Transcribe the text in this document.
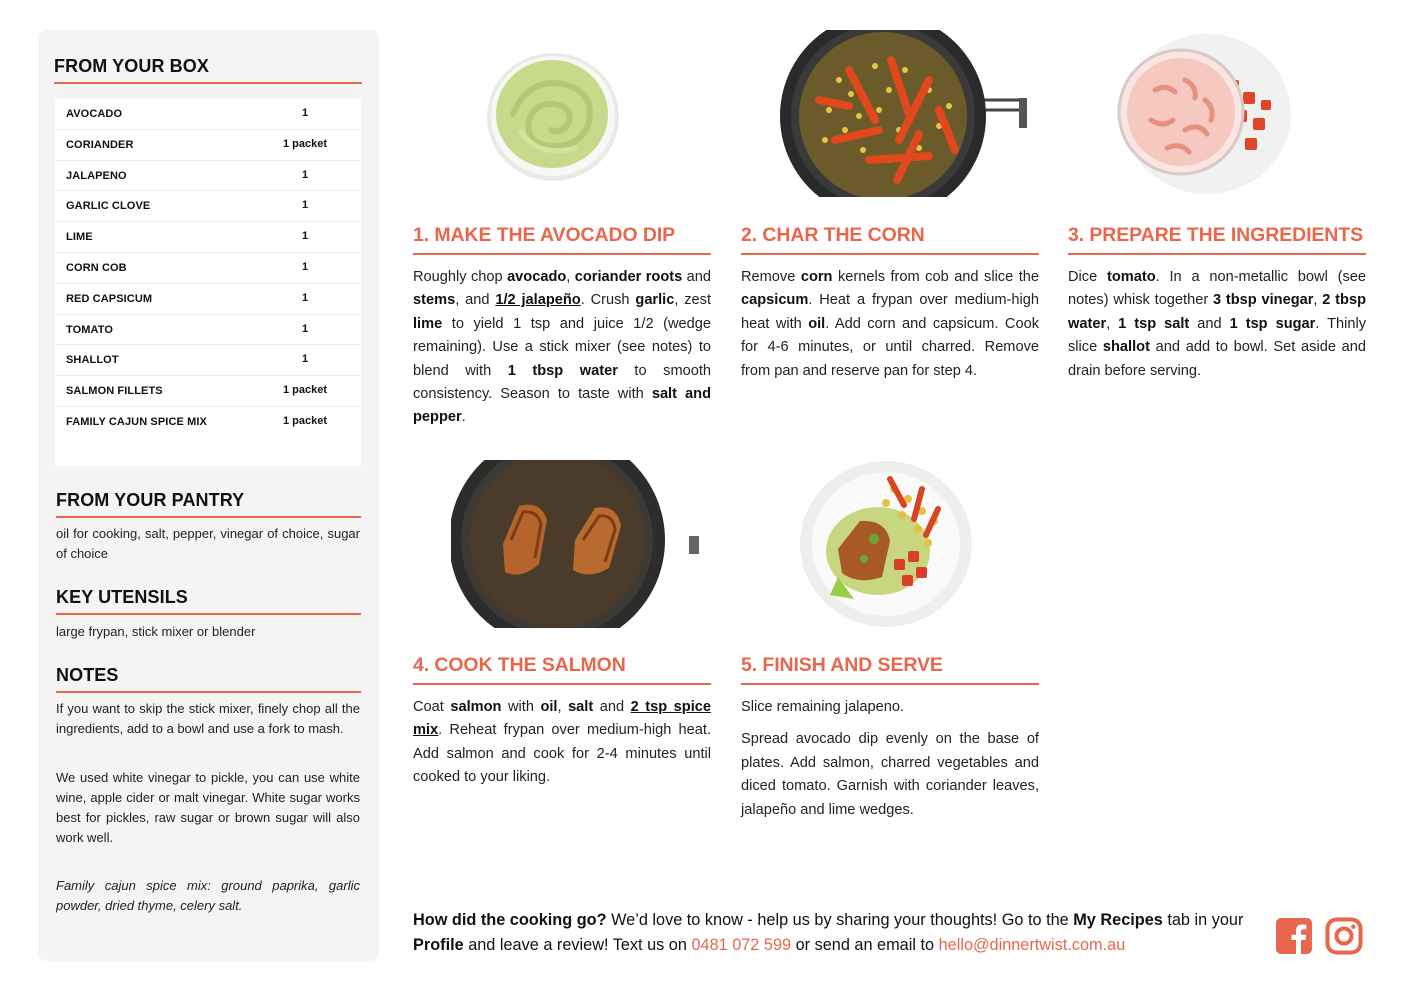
FROM YOUR BOX
AVOCADO	1
CORIANDER	1 packet
JALAPENO	1
GARLIC CLOVE	1
LIME	1
CORN COB	1
RED CAPSICUM	1
TOMATO	1
SHALLOT	1
SALMON FILLETS	1 packet
FAMILY CAJUN SPICE MIX	1 packet
FROM YOUR PANTRY
oil for cooking, salt, pepper, vinegar of choice, sugar of choice
KEY UTENSILS
large frypan, stick mixer or blender
NOTES
If you want to skip the stick mixer, finely chop all the ingredients, add to a bowl and use a fork to mash.
We used white vinegar to pickle, you can use white wine, apple cider or malt vinegar. White sugar works best for pickles, raw sugar or brown sugar will also work well.
Family cajun spice mix: ground paprika, garlic powder, dried thyme, celery salt.
1. MAKE THE AVOCADO DIP
Roughly chop avocado, coriander roots and stems, and 1/2 jalapeño. Crush garlic, zest lime to yield 1 tsp and juice 1/2 (wedge remaining). Use a stick mixer (see notes) to blend with 1 tbsp water to smooth consistency. Season to taste with salt and pepper.
2. CHAR THE CORN
Remove corn kernels from cob and slice the capsicum. Heat a frypan over medium-high heat with oil. Add corn and capsicum. Cook for 4-6 minutes, or until charred. Remove from pan and reserve pan for step 4.
3. PREPARE THE INGREDIENTS
Dice tomato. In a non-metallic bowl (see notes) whisk together 3 tbsp vinegar, 2 tbsp water, 1 tsp salt and 1 tsp sugar. Thinly slice shallot and add to bowl. Set aside and drain before serving.
4. COOK THE SALMON
Coat salmon with oil, salt and 2 tsp spice mix. Reheat frypan over medium-high heat. Add salmon and cook for 2-4 minutes until cooked to your liking.
5. FINISH AND SERVE
Slice remaining jalapeno.
Spread avocado dip evenly on the base of plates. Add salmon, charred vegetables and diced tomato. Garnish with coriander leaves, jalapeño and lime wedges.
How did the cooking go? We’d love to know - help us by sharing your thoughts! Go to the My Recipes tab in your Profile and leave a review! Text us on 0481 072 599 or send an email to hello@dinnertwist.com.au
